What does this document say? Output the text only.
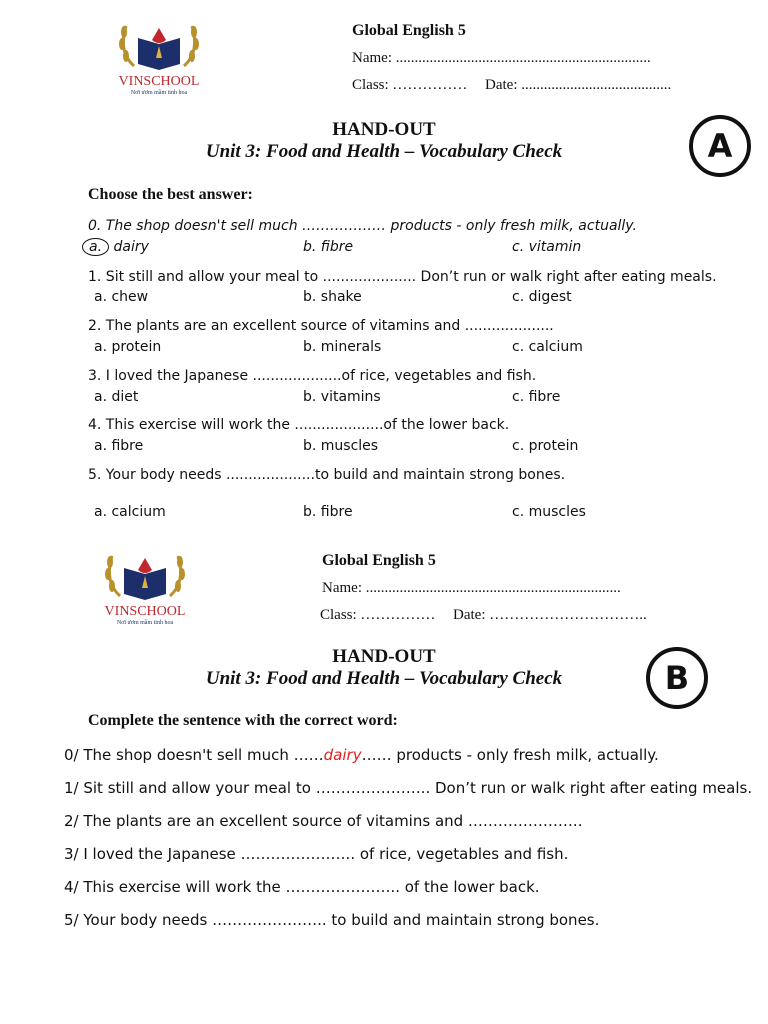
VINSCHOOL
Nơi ươm mầm tinh hoa
Global English 5
Name: ....................................................................
Class: …………… Date: ........................................
HAND-OUT
Unit 3: Food and Health – Vocabulary Check	A
Choose the best answer:
0. The shop doesn't sell much ……………… products - only fresh milk, actually.
a. dairy	b. fibre	c. vitamin
1. Sit still and allow your meal to ..................... Don’t run or walk right after eating meals.
a. chew	b. shake	c. digest
2. The plants are an excellent source of vitamins and ....................
a. protein	b. minerals	c. calcium
3. I loved the Japanese ....................of rice, vegetables and fish.
a. diet	b. vitamins	c. fibre
4. This exercise will work the ....................of the lower back.
a. fibre	b. muscles	c. protein
5. Your body needs ....................to build and maintain strong bones.
a. calcium	b. fibre	c. muscles
VINSCHOOL
Nơi ươm mầm tinh hoa
Global English 5
Name: ....................................................................
Class: …………… Date: …………………………..
HAND-OUT
Unit 3: Food and Health – Vocabulary Check	B
Complete the sentence with the correct word:
0/ The shop doesn't sell much ……dairy…… products - only fresh milk, actually.
1/ Sit still and allow your meal to ………………….. Don’t run or walk right after eating meals.
2/ The plants are an excellent source of vitamins and …………………..
3/ I loved the Japanese ………………….. of rice, vegetables and fish.
4/ This exercise will work the ………………….. of the lower back.
5/ Your body needs ………………….. to build and maintain strong bones.
